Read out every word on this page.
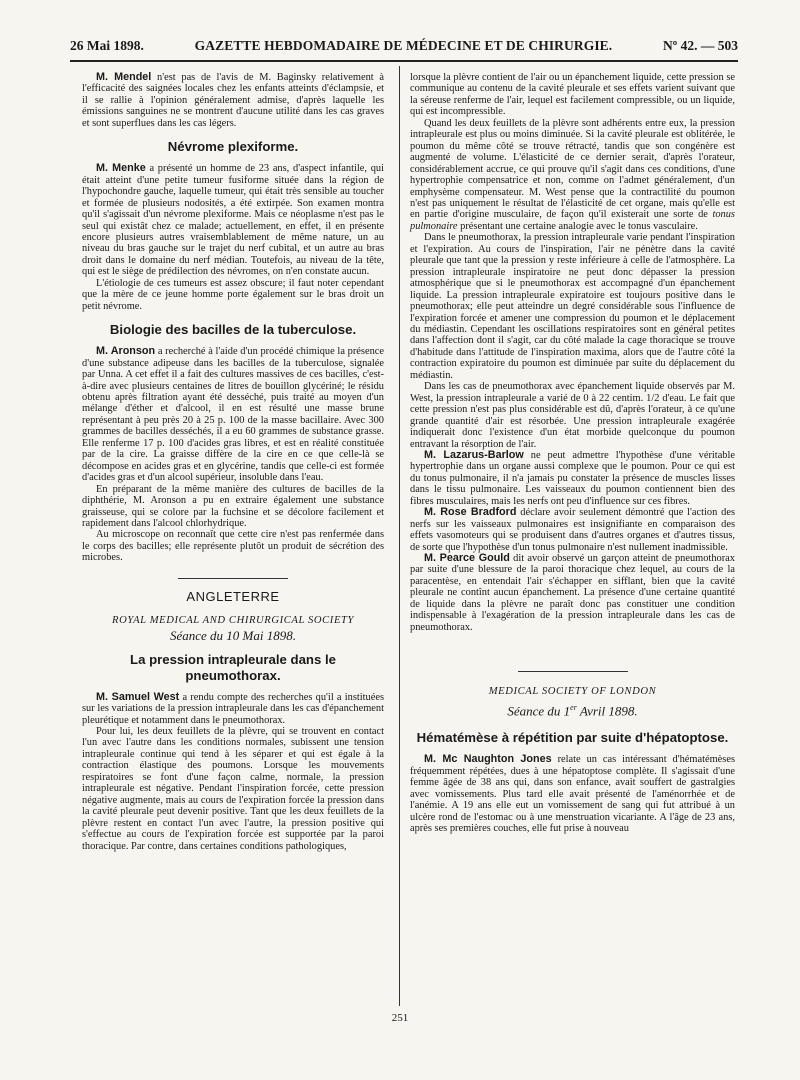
26 Mai 1898.	GAZETTE HEBDOMADAIRE DE MÉDECINE ET DE CHIRURGIE.	Nº 42. — 503

M. Mendel n'est pas de l'avis de M. Baginsky relativement à l'efficacité des saignées locales chez les enfants atteints d'éclampsie, et il se rallie à l'opinion généralement admise, d'après laquelle les émissions sanguines ne se montrent d'aucune utilité dans les cas graves et sont superflues dans les cas légers.

Névrome plexiforme.

M. Menke a présenté un homme de 23 ans, d'aspect infantile, qui était atteint d'une petite tumeur fusiforme située dans la région de l'hypochondre gauche, laquelle tumeur, qui était très sensible au toucher et formée de plusieurs nodosités, a été extirpée. Son examen montra qu'il s'agissait d'un névrome plexiforme. Mais ce néoplasme n'est pas le seul qui existât chez ce malade; actuellement, en effet, il en présente encore plusieurs autres vraisemblablement de même nature, un au niveau du bras gauche sur le trajet du nerf cubital, et un autre au bras droit dans le domaine du nerf médian. Toutefois, au niveau de la tête, qui est le siège de prédilection des névromes, on n'en constate aucun.

L'étiologie de ces tumeurs est assez obscure; il faut noter cependant que la mère de ce jeune homme porte également sur le bras droit un petit névrome.

Biologie des bacilles de la tuberculose.

M. Aronson a recherché à l'aide d'un procédé chimique la présence d'une substance adipeuse dans les bacilles de la tuberculose, signalée par Unna. A cet effet il a fait des cultures massives de ces bacilles, c'est-à-dire avec plusieurs centaines de litres de bouillon glycériné; le résidu obtenu après filtration ayant été desséché, puis traité au moyen d'un mélange d'éther et d'alcool, il en est résulté une masse brune représentant à peu près 20 à 25 p. 100 de la masse bacillaire. Avec 300 grammes de bacilles desséchés, il a eu 60 grammes de substance grasse. Elle renferme 17 p. 100 d'acides gras libres, et est en réalité constituée par de la cire. La graisse diffère de la cire en ce que celle-là se décompose en acides gras et en glycérine, tandis que celle-ci est formée d'acides gras et d'un alcool supérieur, insoluble dans l'eau.

En préparant de la même manière des cultures de bacilles de la diphthérie, M. Aronson a pu en extraire également une substance graisseuse, qui se colore par la fuchsine et se décolore facilement et rapidement dans l'alcool chlorhydrique.

Au microscope on reconnaît que cette cire n'est pas renfermée dans le corps des bacilles; elle représente plutôt un produit de sécrétion des microbes.

ANGLETERRE
ROYAL MEDICAL AND CHIRURGICAL SOCIETY
Séance du 10 Mai 1898.
La pression intrapleurale dans le pneumothorax.

M. Samuel West a rendu compte des recherches qu'il a instituées sur les variations de la pression intrapleurale dans les cas d'épanchement pleurétique et notamment dans le pneumothorax.

Pour lui, les deux feuillets de la plèvre, qui se trouvent en contact l'un avec l'autre dans les conditions normales, subissent une tension intrapleurale continue qui tend à les séparer et qui est égale à la contraction élastique des poumons. Lorsque les mouvements respiratoires se font d'une façon calme, normale, la pression intrapleurale est négative. Pendant l'inspiration forcée, cette pression négative augmente, mais au cours de l'expiration forcée la pression dans la cavité pleurale peut devenir positive. Tant que les deux feuillets de la plèvre restent en contact l'un avec l'autre, la pression positive qui s'effectue au cours de l'expiration forcée est supportée par la paroi thoracique. Par contre, dans certaines conditions pathologiques,

lorsque la plèvre contient de l'air ou un épanchement liquide, cette pression se communique au contenu de la cavité pleurale et ses effets varient suivant que la séreuse renferme de l'air, lequel est facilement compressible, ou un liquide, qui est incompressible.

Quand les deux feuillets de la plèvre sont adhérents entre eux, la pression intrapleurale est plus ou moins diminuée. Si la cavité pleurale est oblitérée, le poumon du même côté se trouve rétracté, tandis que son congénère est augmenté de volume. L'élasticité de ce dernier serait, d'après l'orateur, considérablement accrue, ce qui prouve qu'il s'agit dans ces conditions, d'une hypertrophie compensatrice et non, comme on l'admet généralement, d'un emphysème compensateur. M. West pense que la contractilité du poumon n'est pas uniquement le résultat de l'élasticité de cet organe, mais qu'elle est en partie d'origine musculaire, de façon qu'il existerait une sorte de tonus pulmonaire présentant une certaine analogie avec le tonus vasculaire.

Dans le pneumothorax, la pression intrapleurale varie pendant l'inspiration et l'expiration. Au cours de l'inspiration, l'air ne pénètre dans la cavité pleurale que tant que la pression y reste inférieure à celle de l'atmosphère. La pression intrapleurale inspiratoire ne peut donc dépasser la pression atmosphérique que si le pneumothorax est accompagné d'un épanchement liquide. La pression intrapleurale expiratoire est toujours positive dans le pneumothorax; elle peut atteindre un degré considérable sous l'influence de l'expiration forcée et amener une compression du poumon et le déplacement du médiastin. Cependant les oscillations respiratoires sont en général petites dans l'affection dont il s'agit, car du côté malade la cage thoracique se trouve d'habitude dans l'attitude de l'inspiration maxima, alors que de l'autre côté la contraction expiratoire du poumon est diminuée par suite du déplacement du médiastin.

Dans les cas de pneumothorax avec épanchement liquide observés par M. West, la pression intrapleurale a varié de 0 à 22 centim. 1/2 d'eau. Le fait que cette pression n'est pas plus considérable est dû, d'après l'orateur, à ce qu'une grande quantité d'air est résorbée. Une pression intrapleurale exagérée indiquerait donc l'existence d'un état morbide quelconque du poumon entravant la résorption de l'air.

M. Lazarus-Barlow ne peut admettre l'hypothèse d'une véritable hypertrophie dans un organe aussi complexe que le poumon. Pour ce qui est du tonus pulmonaire, il n'a jamais pu constater la présence de muscles lisses dans le tissu pulmonaire. Les vaisseaux du poumon contiennent bien des fibres musculaires, mais les nerfs ont peu d'influence sur ces fibres.

M. Rose Bradford déclare avoir seulement démontré que l'action des nerfs sur les vaisseaux pulmonaires est insignifiante en comparaison des effets vasomoteurs qui se produisent dans d'autres organes et d'autres tissus, de sorte que l'hypothèse d'un tonus pulmonaire n'est nullement inadmissible.

M. Pearce Gould dit avoir observé un garçon atteint de pneumothorax par suite d'une blessure de la paroi thoracique chez lequel, au cours de la paracentèse, en entendait l'air s'échapper en sifflant, bien que la cavité pleurale ne contînt aucun épanchement. La présence d'une certaine quantité de liquide dans la plèvre ne paraît donc pas constituer une condition indispensable à l'exagération de la pression intrapleurale dans les cas de pneumothorax.

MEDICAL SOCIETY OF LONDON
Séance du 1er Avril 1898.
Hématémèse à répétition par suite d'hépatoptose.

M. Mc Naughton Jones relate un cas intéressant d'hématémèses fréquemment répétées, dues à une hépatoptose complète. Il s'agissait d'une femme âgée de 38 ans qui, dans son enfance, avait souffert de gastralgies avec vomissements. Plus tard elle avait présenté de l'aménorrhée et de l'anémie. A 19 ans elle eut un vomissement de sang qui fut attribué à un ulcère rond de l'estomac ou à une menstruation vicariante. A l'âge de 23 ans, après ses premières couches, elle fut prise à nouveau

251
